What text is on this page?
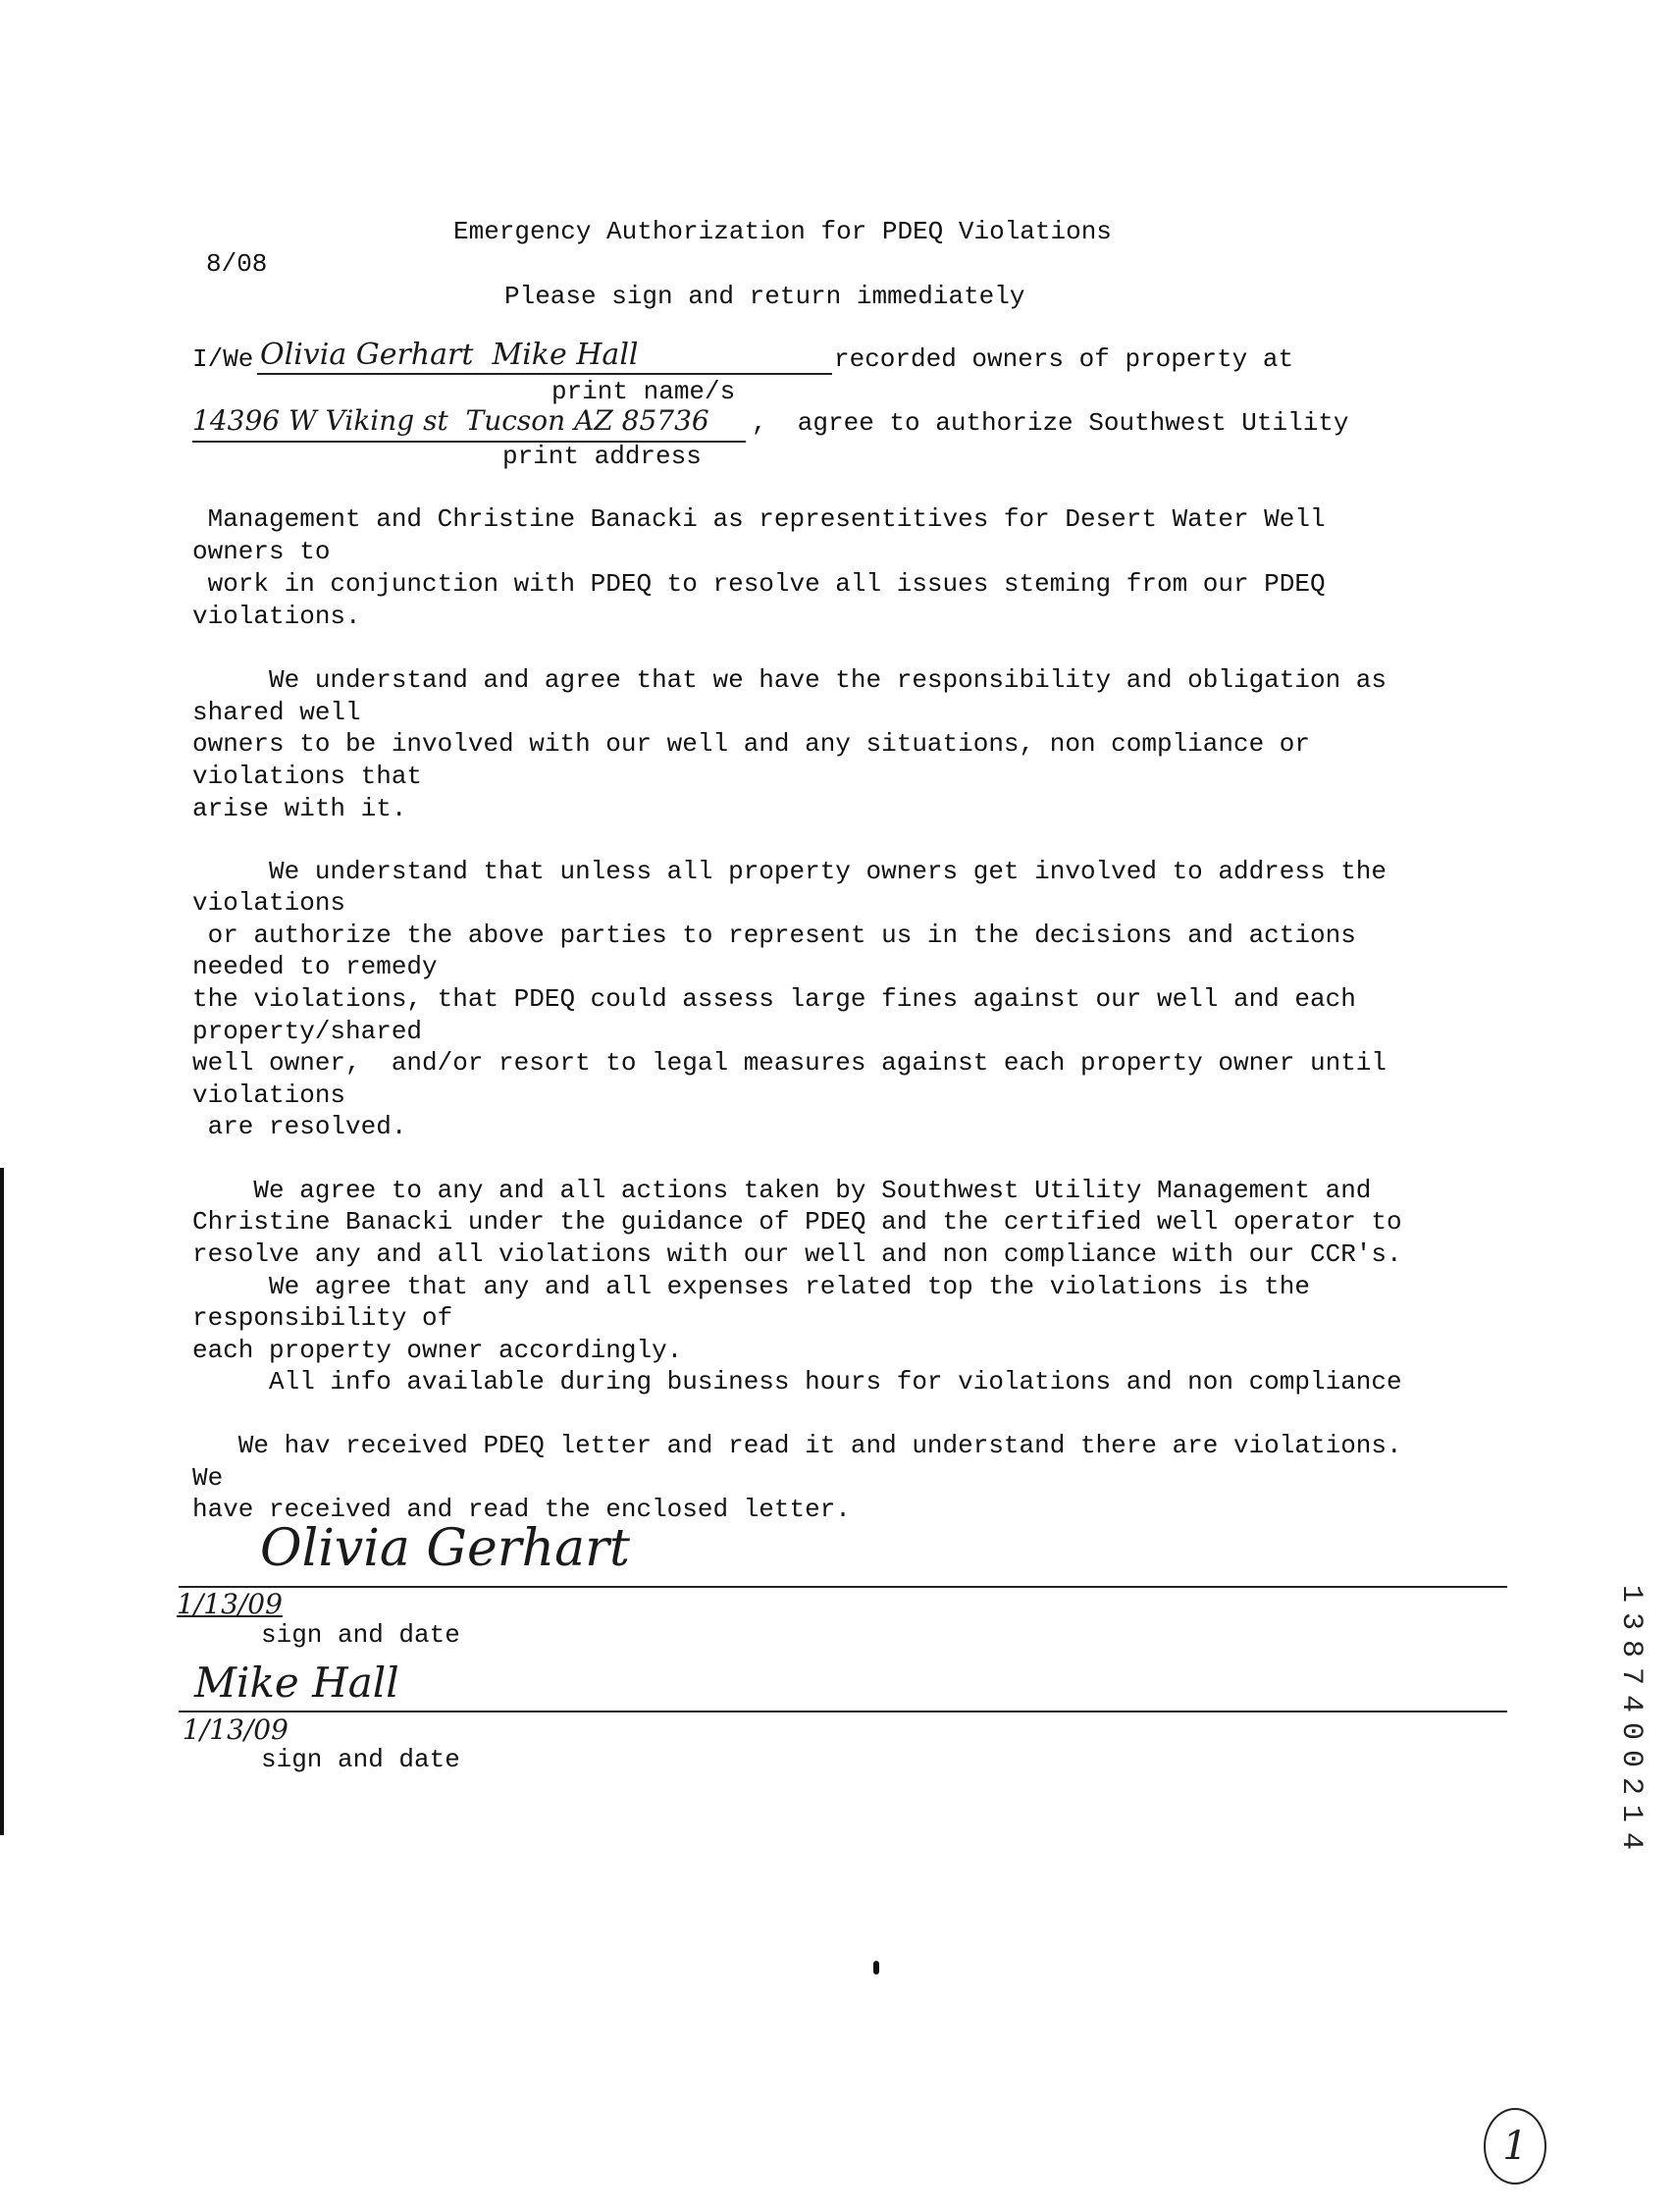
Emergency Authorization for PDEQ Violations
8/08
Please sign and return immediately
I/We Olivia Gerhart  Mike Hall	recorded owners of property at
print name/s
14396 W Viking st  Tucson AZ 85736 ,  agree to authorize Southwest Utility
print address
Management and Christine Banacki as representitives for Desert Water Well
owners to
work in conjunction with PDEQ to resolve all issues steming from our PDEQ
violations.
We understand and agree that we have the responsibility and obligation as
shared well
owners to be involved with our well and any situations, non compliance or
violations that
arise with it.
We understand that unless all property owners get involved to address the
violations
or authorize the above parties to represent us in the decisions and actions
needed to remedy
the violations, that PDEQ could assess large fines against our well and each
property/shared
well owner,  and/or resort to legal measures against each property owner until
violations
are resolved.
We agree to any and all actions taken by Southwest Utility Management and
Christine Banacki under the guidance of PDEQ and the certified well operator to
resolve any and all violations with our well and non compliance with our CCR's.
We agree that any and all expenses related top the violations is the
responsibility of
each property owner accordingly.
All info available during business hours for violations and non compliance
We hav received PDEQ letter and read it and understand there are violations.
We
have received and read the enclosed letter.
Olivia Gerhart
1/13/09
sign and date
Mike Hall
1/13/09
sign and date
1
3
8
7
4
0
0
2
1
4
1
